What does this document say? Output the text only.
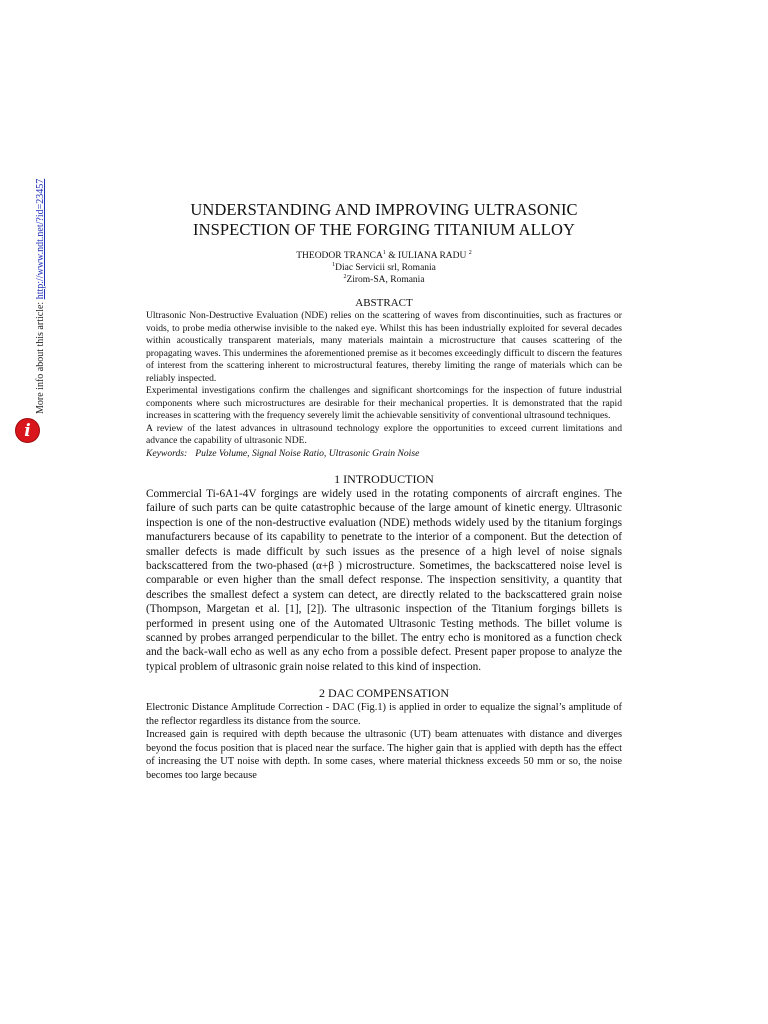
More info about this article: http://www.ndt.net/?id=23457
i
UNDERSTANDING AND IMPROVING ULTRASONIC
INSPECTION OF THE FORGING TITANIUM ALLOY
THEODOR TRANCA$^1$ & IULIANA RADU $^2$
$^1$Diac Servicii srl, Romania
$^2$Zirom-SA, Romania
ABSTRACT

Ultrasonic Non-Destructive Evaluation (NDE) relies on the scattering of waves from discontinuities, such as fractures or voids, to probe media otherwise invisible to the naked eye. Whilst this has been industrially exploited for several decades within acoustically transparent materials, many materials maintain a microstructure that causes scattering of the propagating waves. This undermines the aforementioned premise as it becomes exceedingly difficult to discern the features of interest from the scattering inherent to microstructural features, thereby limiting the range of materials which can be reliably inspected.

Experimental investigations confirm the challenges and significant shortcomings for the inspection of future industrial components where such microstructures are desirable for their mechanical properties. It is demonstrated that the rapid increases in scattering with the frequency severely limit the achievable sensitivity of conventional ultrasound techniques.

A review of the latest advances in ultrasound technology explore the opportunities to exceed current limitations and advance the capability of ultrasonic NDE.

Keywords: Pulze Volume, Signal Noise Ratio, Ultrasonic Grain Noise
1 INTRODUCTION

Commercial Ti-6A1-4V forgings are widely used in the rotating components of aircraft engines. The failure of such parts can be quite catastrophic because of the large amount of kinetic energy. Ultrasonic inspection is one of the non-destructive evaluation (NDE) methods widely used by the titanium forgings manufacturers because of its capability to penetrate to the interior of a component. But the detection of smaller defects is made difficult by such issues as the presence of a high level of noise signals backscattered from the two-phased (α+β ) microstructure. Sometimes, the backscattered noise level is comparable or even higher than the small defect response. The inspection sensitivity, a quantity that describes the smallest defect a system can detect, are directly related to the backscattered grain noise (Thompson, Margetan et al. [1], [2]). The ultrasonic inspection of the Titanium forgings billets is performed in present using one of the Automated Ultrasonic Testing methods. The billet volume is scanned by probes arranged perpendicular to the billet. The entry echo is monitored as a function check and the back-wall echo as well as any echo from a possible defect. Present paper propose to analyze the typical problem of ultrasonic grain noise related to this kind of inspection.

2 DAC COMPENSATION

Electronic Distance Amplitude Correction - DAC (Fig.1) is applied in order to equalize the signal’s amplitude of the reflector regardless its distance from the source.

Increased gain is required with depth because the ultrasonic (UT) beam attenuates with distance and diverges beyond the focus position that is placed near the surface. The higher gain that is applied with depth has the effect of increasing the UT noise with depth. In some cases, where material thickness exceeds 50 mm or so, the noise becomes too large because
